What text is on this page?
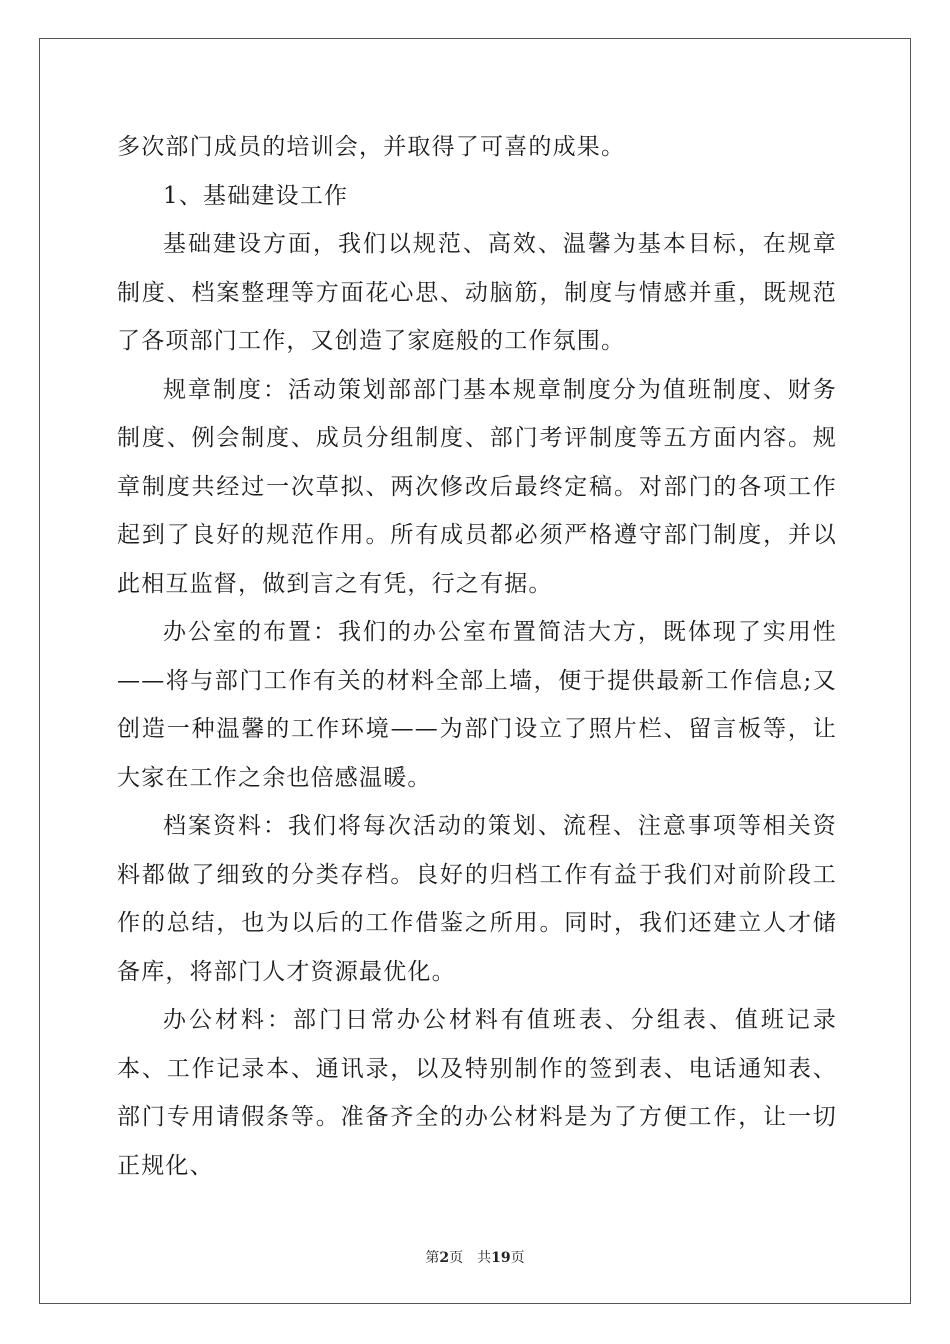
多次部门成员的培训会，并取得了可喜的成果。

1、基础建设工作

基础建设方面，我们以规范、高效、温馨为基本目标，在规章制度、档案整理等方面花心思、动脑筋，制度与情感并重，既规范了各项部门工作，又创造了家庭般的工作氛围。

规章制度：活动策划部部门基本规章制度分为值班制度、财务制度、例会制度、成员分组制度、部门考评制度等五方面内容。规章制度共经过一次草拟、两次修改后最终定稿。对部门的各项工作起到了良好的规范作用。所有成员都必须严格遵守部门制度，并以此相互监督，做到言之有凭，行之有据。

办公室的布置：我们的办公室布置简洁大方，既体现了实用性——将与部门工作有关的材料全部上墙，便于提供最新工作信息;又创造一种温馨的工作环境——为部门设立了照片栏、留言板等，让大家在工作之余也倍感温暖。

档案资料：我们将每次活动的策划、流程、注意事项等相关资料都做了细致的分类存档。良好的归档工作有益于我们对前阶段工作的总结，也为以后的工作借鉴之所用。同时，我们还建立人才储备库，将部门人才资源最优化。

办公材料：部门日常办公材料有值班表、分组表、值班记录本、工作记录本、通讯录，以及特别制作的签到表、电话通知表、部门专用请假条等。准备齐全的办公材料是为了方便工作，让一切正规化、

第2页 共19页
